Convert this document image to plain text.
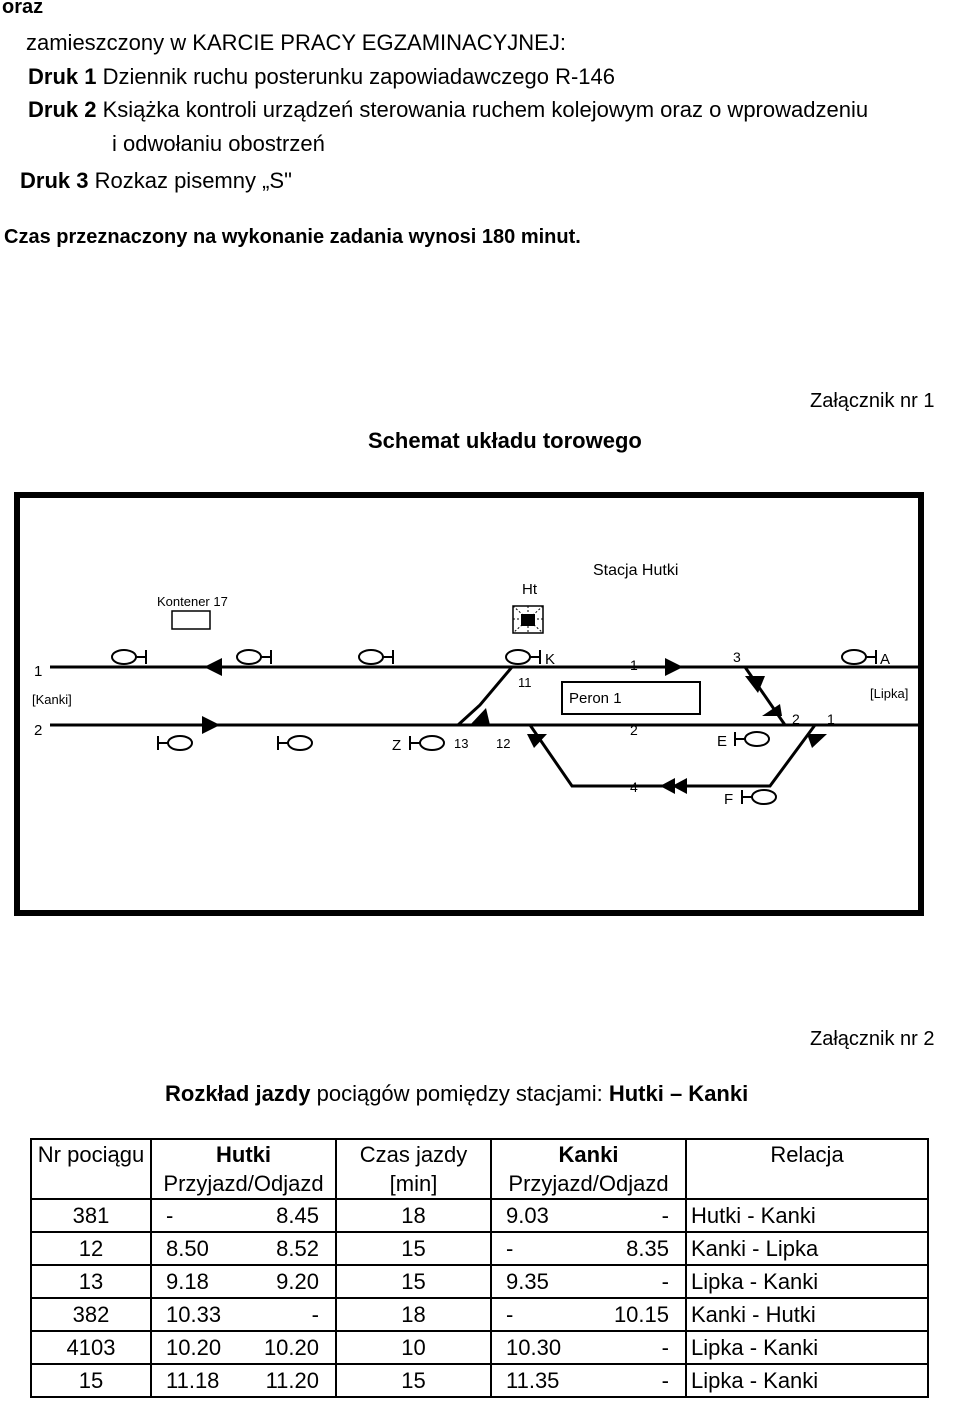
oraz
zamieszczony w KARCIE PRACY EGZAMINACYJNEJ:
Druk 1 Dziennik ruchu posterunku zapowiadawczego R-146
Druk 2 Książka kontroli urządzeń sterowania ruchem kolejowym oraz o wprowadzeniu
i odwołaniu obostrzeń
Druk 3 Rozkaz pisemny „S"
Czas przeznaczony na wykonanie zadania wynosi 180 minut.
Załącznik nr 1
Schemat układu torowego
Stacja Hutki
Kontener 17
Ht
Peron 1
1
[Kanki]
2
[Lipka]
K	A
Z	E
F
11
13 12
1
2
3
4
2 1
Załącznik nr 2
Rozkład jazdy pociągów pomiędzy stacjami: Hutki – Kanki
Nr pociągu	Hutki	Czas jazdy	Kanki	Relacja
	Przyjazd/Odjazd	[min]	Przyjazd/Odjazd	
381	- 8.45	18	9.03 -	Hutki - Kanki
12	8.50 8.52	15	- 8.35	Kanki - Lipka
13	9.18 9.20	15	9.35 -	Lipka - Kanki
382	10.33 -	18	- 10.15	Kanki - Hutki
4103	10.20 10.20	10	10.30 -	Lipka - Kanki
15	11.18 11.20	15	11.35 -	Lipka - Kanki
